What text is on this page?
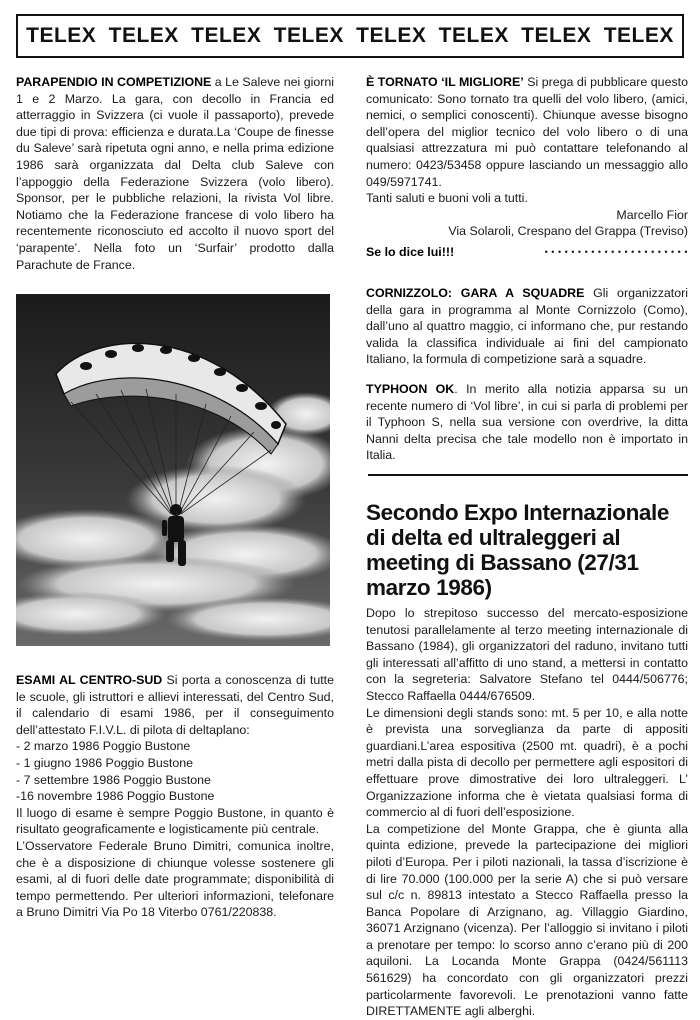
TELEX TELEX TELEX TELEX TELEX TELEX TELEX TELEX

PARAPENDIO IN COMPETIZIONE a Le Saleve nei giorni 1 e 2 Marzo. La gara, con decollo in Francia ed atterraggio in Svizzera (ci vuole il passaporto), prevede due tipi di prova: efficienza e durata.La ‘Coupe de finesse du Saleve’ sarà ripetuta ogni anno, e nella prima edizione 1986 sarà organizzata dal Delta club Saleve con l’appoggio della Federazione Svizzera (volo libero). Sponsor, per le pubbliche relazioni, la rivista Vol libre. Notiamo che la Federazione francese di volo libero ha recentemente riconosciuto ed accolto il nuovo sport del ‘parapente’. Nella foto un ‘Surfair’ prodotto dalla Parachute de France.

ESAMI AL CENTRO-SUD Si porta a conoscenza di tutte le scuole, gli istruttori e allievi interessati, del Centro Sud, il calendario di esami 1986, per il conseguimento dell’attestato F.I.V.L. di pilota di deltaplano:

- 2 marzo 1986 Poggio Bustone
- 1 giugno 1986 Poggio Bustone
- 7 settembre 1986 Poggio Bustone
-16 novembre 1986 Poggio Bustone

Il luogo di esame è sempre Poggio Bustone, in quanto è risultato geograficamente e logisticamente più centrale.

L’Osservatore Federale Bruno Dimitri, comunica inoltre, che è a disposizione di chiunque volesse sostenere gli esami, al di fuori delle date programmate; disponibilità di tempo permettendo. Per ulteriori informazioni, telefonare a Bruno Dimitri Via Po 18 Viterbo 0761/220838.

È TORNATO ‘IL MIGLIORE’ Si prega di pubblicare questo comunicato: Sono tornato tra quelli del volo libero, (amici, nemici, o semplici conoscenti). Chiunque avesse bisogno dell’opera del miglior tecnico del volo libero o di una qualsiasi attrezzatura mi può contattare telefonando al numero: 0423/53458 oppure lasciando un messaggio allo 049/5971741.

Tanti saluti e buoni voli a tutti.

Marcello Fior

Via Solaroli, Crespano del Grappa (Treviso)

Se lo dice lui!!!	• • • • • • • • • • • • • • • • • • • • • •

CORNIZZOLO: GARA A SQUADRE Gli organizzatori della gara in programma al Monte Cornizzolo (Como), dall’uno al quattro maggio, ci informano che, pur restando valida la classifica individuale ai fini del campionato Italiano, la formula di competizione sarà a squadre.

TYPHOON OK. In merito alla notizia apparsa su un recente numero di ‘Vol libre’, in cui si parla di problemi per il Typhoon S, nella sua versione con overdrive, la ditta Nanni delta precisa che tale modello non è importato in Italia.

Secondo Expo Internazionale di delta ed ultraleggeri al meeting di Bassano (27/31 marzo 1986)

Dopo lo strepitoso successo del mercato-esposizione tenutosi parallelamente al terzo meeting internazionale di Bassano (1984), gli organizzatori del raduno, invitano tutti gli interessati all’affitto di uno stand, a mettersi in contatto con la segreteria: Salvatore Stefano tel 0444/506776; Stecco Raffaella 0444/676509.

Le dimensioni degli stands sono: mt. 5 per 10, e alla notte è prevista una sorveglianza da parte di appositi guardiani.L’area espositiva (2500 mt. quadri), è a pochi metri dalla pista di decollo per permettere agli espositori di effettuare prove dimostrative dei loro ultraleggeri. L’ Organizzazione informa che è vietata qualsiasi forma di commercio al di fuori dell’esposizione.

La competizione del Monte Grappa, che è giunta alla quinta edizione, prevede la partecipazione dei migliori piloti d’Europa. Per i piloti nazionali, la tassa d’iscrizione è di lire 70.000 (100.000 per la serie A) che si può versare sul c/c n. 89813 intestato a Stecco Raffaella presso la Banca Popolare di Arzignano, ag. Villaggio Giardino, 36071 Arzignano (vicenza). Per l’alloggio si invitano i piloti a prenotare per tempo: lo scorso anno c’erano più di 200 aquiloni. La Locanda Monte Grappa (0424/561113 561629) ha concordato con gli organizzatori prezzi particolarmente favorevoli. Le prenotazioni vanno fatte DIRETTAMENTE agli alberghi.
